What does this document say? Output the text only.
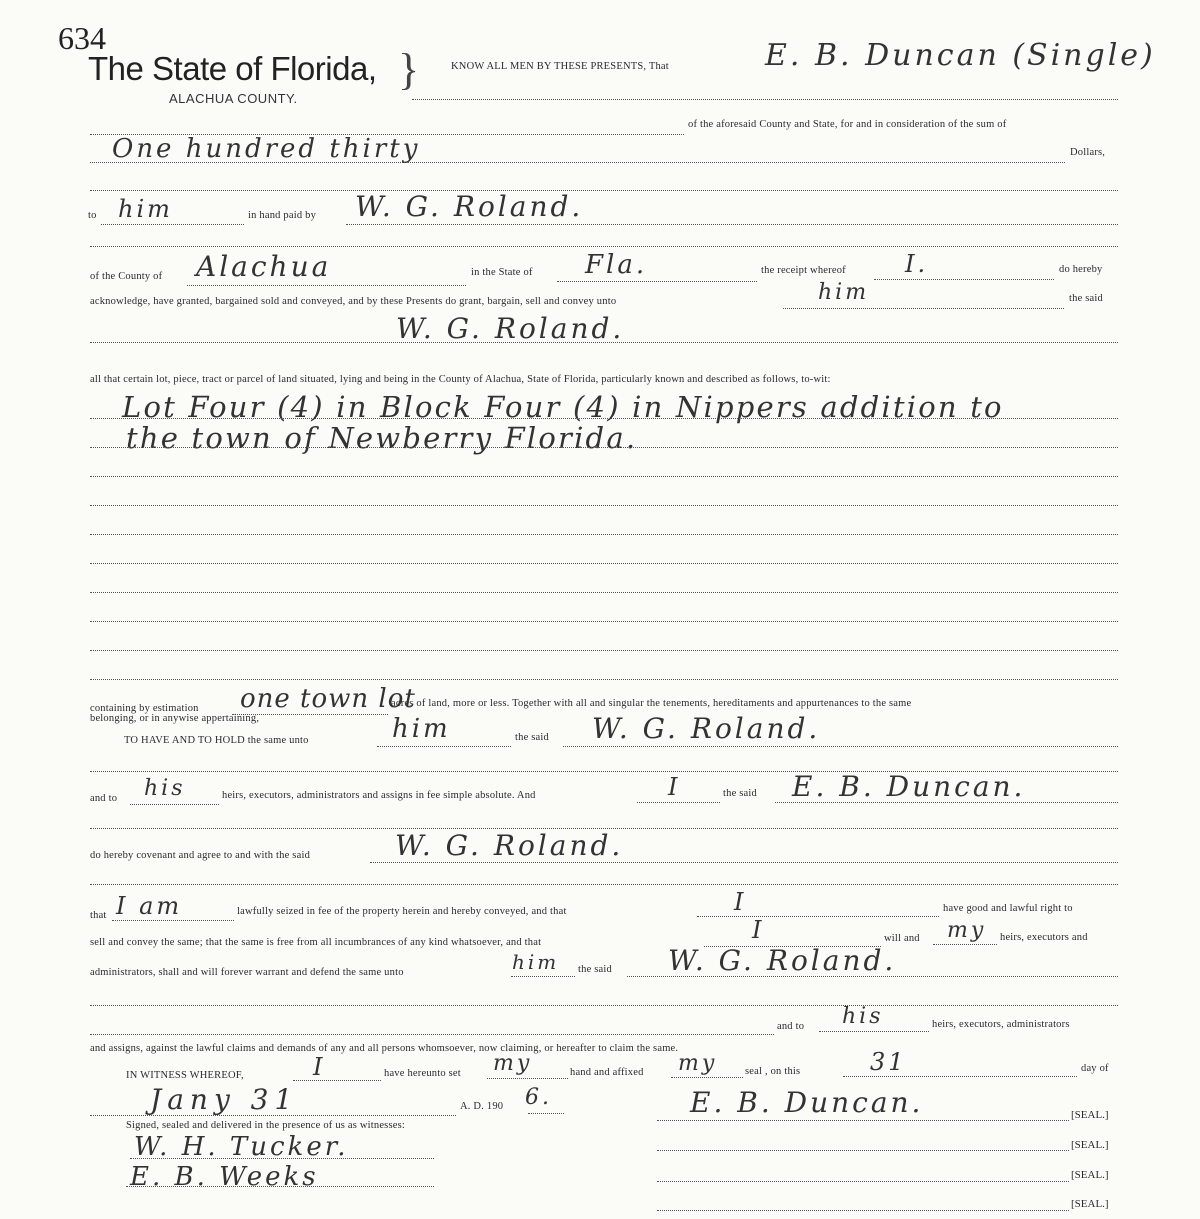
634
The State of Florida,
ALACHUA COUNTY.
}	KNOW ALL MEN BY THESE PRESENTS, That	E. B. Duncan (Single)
of the aforesaid County and State, for and in consideration of the sum of
One hundred thirty	Dollars,
to him	in hand paid by W. G. Roland.
of the County of Alachua	in the State of Fla.	the receipt whereof I.	do hereby
acknowledge, have granted, bargained sold and conveyed, and by these Presents do grant, bargain, sell and convey unto	him	the said
W. G. Roland.
all that certain lot, piece, tract or parcel of land situated, lying and being in the County of Alachua, State of Florida, particularly known and described as follows, to-wit:
Lot Four (4) in Block Four (4) in Nippers addition to
the town of Newberry Florida.
containing by estimation one town lot
acres of land, more or less. Together with all and singular the tenements, hereditaments and appurtenances to the same
belonging, or in anywise appertaining,
TO HAVE AND TO HOLD the same unto	him	the said W. G. Roland.
and to his	heirs, executors, administrators and assigns in fee simple absolute. And	I	the said E. B. Duncan.
do hereby covenant and agree to and with the said	W. G. Roland.
that I am	lawfully seized in fee of the property herein and hereby conveyed, and that	I	have good and lawful right to
sell and convey the same; that the same is free from all incumbrances of any kind whatsoever, and that	I	will and my heirs, executors and
administrators, shall and will forever warrant and defend the same unto	him the said W. G. Roland.
and to his	heirs, executors, administrators
and assigns, against the lawful claims and demands of any and all persons whomsoever, now claiming, or hereafter to claim the same.
IN WITNESS WHEREOF,	I	have hereunto set my	hand and affixed my	seal , on this	31	day of
Jany 31	A. D. 190 6.	E. B. Duncan.	[SEAL.]
Signed, sealed and delivered in the presence of us as witnesses:
W. H. Tucker.	[SEAL.]
E. B. Weeks	[SEAL.]
[SEAL.]
